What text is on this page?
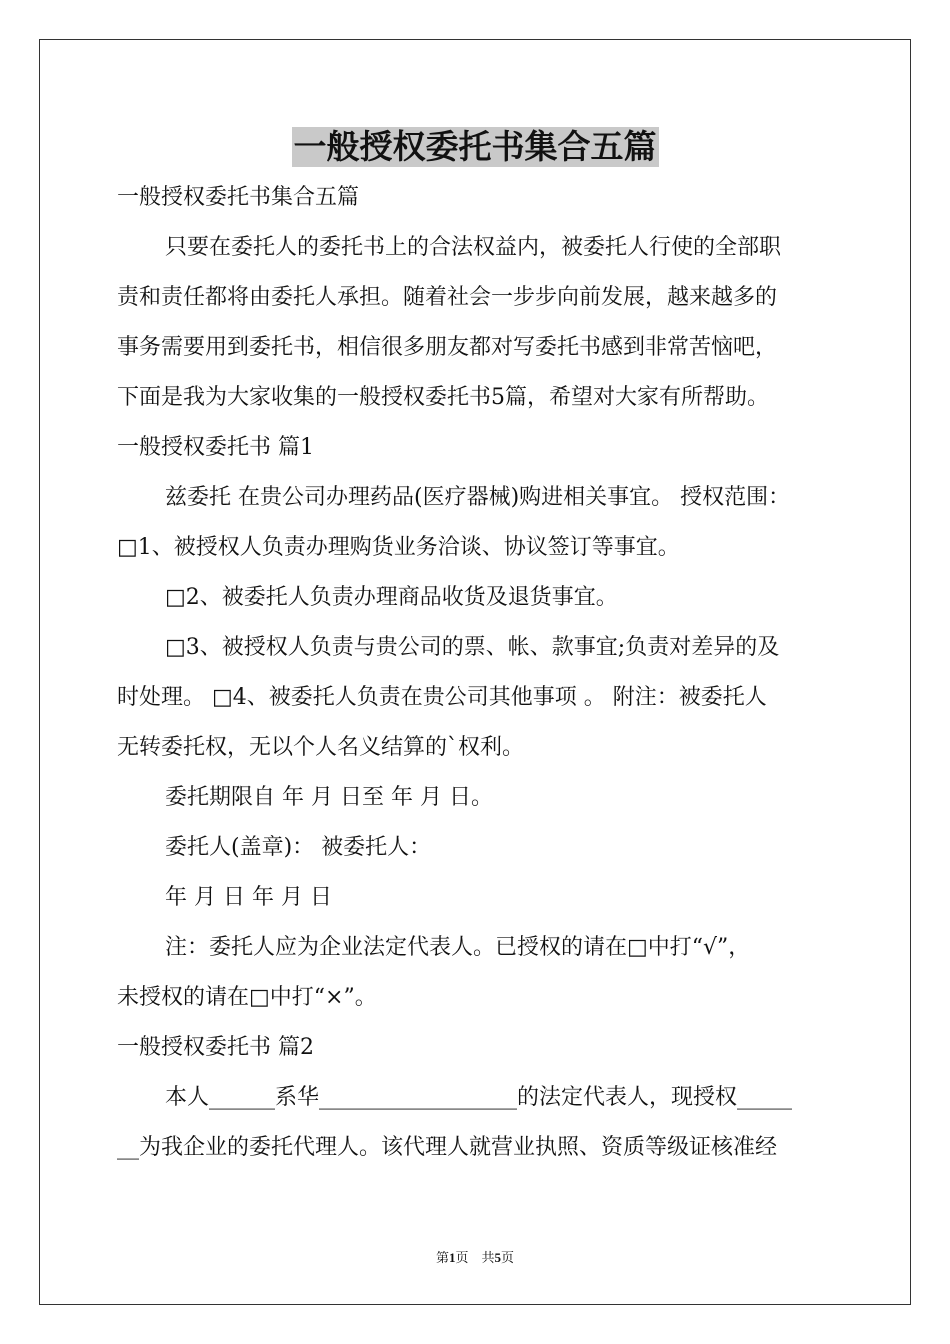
一般授权委托书集合五篇
一般授权委托书集合五篇
只要在委托人的委托书上的合法权益内，被委托人行使的全部职
责和责任都将由委托人承担。随着社会一步步向前发展，越来越多的
事务需要用到委托书，相信很多朋友都对写委托书感到非常苦恼吧，
下面是我为大家收集的一般授权委托书5篇，希望对大家有所帮助。
一般授权委托书 篇1
兹委托 在贵公司办理药品(医疗器械)购进相关事宜。 授权范围：
□1、被授权人负责办理购货业务洽谈、协议签订等事宜。
□2、被委托人负责办理商品收货及退货事宜。
□3、被授权人负责与贵公司的票、帐、款事宜;负责对差异的及
时处理。 □4、被委托人负责在贵公司其他事项 。 附注：被委托人
无转委托权，无以个人名义结算的`权利。
委托期限自 年 月 日至 年 月 日。
委托人(盖章)： 被委托人：
年 月 日 年 月 日
注：委托人应为企业法定代表人。已授权的请在□中打“√”，
未授权的请在□中打“×”。
一般授权委托书 篇2
本人______系华__________________的法定代表人，现授权_____
__为我企业的委托代理人。该代理人就营业执照、资质等级证核准经
第1页 共5页
